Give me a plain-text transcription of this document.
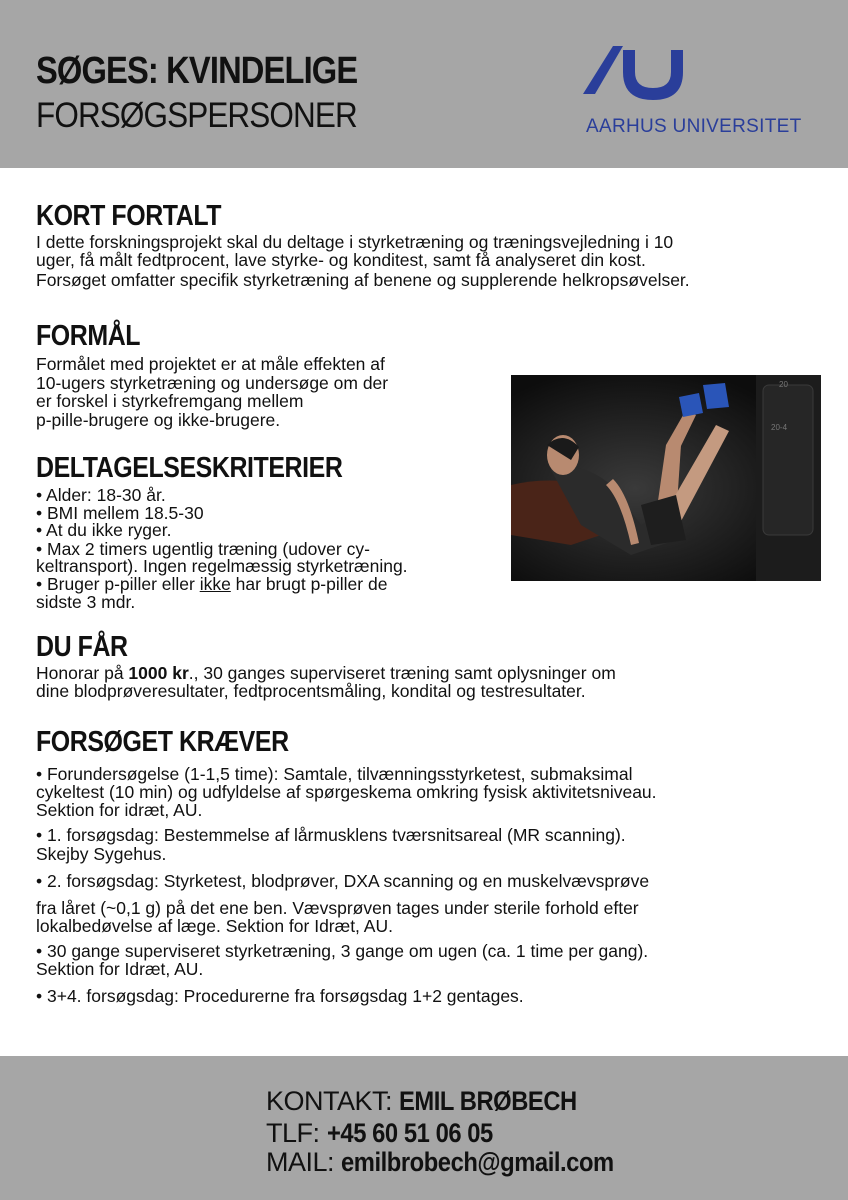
SØGES: KVINDELIGE
FORSØGSPERSONER	AARHUS UNIVERSITET
KORT FORTALT
I dette forskningsprojekt skal du deltage i styrketræning og træningsvejledning i 10
uger, få målt fedtprocent, lave styrke- og konditest, samt få analyseret din kost.
Forsøget omfatter specifik styrketræning af benene og supplerende helkropsøvelser.
FORMÅL
Formålet med projektet er at måle effekten af
10-ugers styrketræning og undersøge om der
er forskel i styrkefremgang mellem
p-pille-brugere og ikke-brugere.
20
20-4
DELTAGELSESKRITERIER
• Alder: 18-30 år.
• BMI mellem 18.5-30
• At du ikke ryger.
• Max 2 timers ugentlig træning (udover cy-
keltransport). Ingen regelmæssig styrketræning.
• Bruger p-piller eller ikke har brugt p-piller de
sidste 3 mdr.
DU FÅR
Honorar på 1000 kr., 30 ganges superviseret træning samt oplysninger om
dine blodprøveresultater, fedtprocentsmåling, kondital og testresultater.
FORSØGET KRÆVER
• Forundersøgelse (1-1,5 time): Samtale, tilvænningsstyrketest, submaksimal
cykeltest (10 min) og udfyldelse af spørgeskema omkring fysisk aktivitetsniveau.
Sektion for idræt, AU.
• 1. forsøgsdag: Bestemmelse af lårmusklens tværsnitsareal (MR scanning).
Skejby Sygehus.
• 2. forsøgsdag: Styrketest, blodprøver, DXA scanning og en muskelvævsprøve
fra låret (~0,1 g) på det ene ben. Vævsprøven tages under sterile forhold efter
lokalbedøvelse af læge. Sektion for Idræt, AU.
• 30 gange superviseret styrketræning, 3 gange om ugen (ca. 1 time per gang).
Sektion for Idræt, AU.
• 3+4. forsøgsdag: Procedurerne fra forsøgsdag 1+2 gentages.
KONTAKT: EMIL BRØBECH
TLF: +45 60 51 06 05
MAIL: emilbrobech@gmail.com
